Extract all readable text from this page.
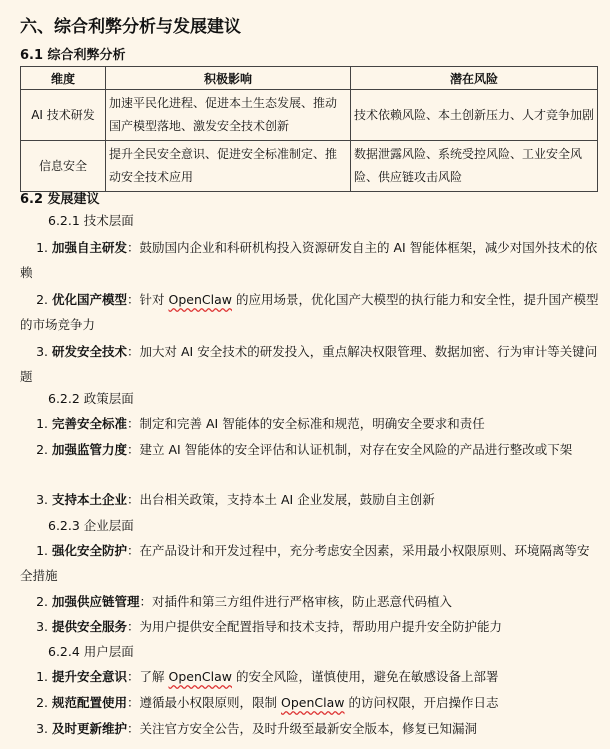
六、综合利弊分析与发展建议
6.1 综合利弊分析
维度	积极影响	潜在风险
AI 技术研发	加速平民化进程、促进本土生态发展、推动国产模型落地、激发安全技术创新	技术依赖风险、本土创新压力、人才竞争加剧
信息安全	提升全民安全意识、促进安全标准制定、推动安全技术应用	数据泄露风险、系统受控风险、工业安全风险、供应链攻击风险
6.2 发展建议
6.2.1 技术层面
1. 加强自主研发：鼓励国内企业和科研机构投入资源研发自主的 AI 智能体框架，减少对国外技术的依赖
2. 优化国产模型：针对 OpenClaw 的应用场景，优化国产大模型的执行能力和安全性，提升国产模型的市场竞争力
3. 研发安全技术：加大对 AI 安全技术的研发投入，重点解决权限管理、数据加密、行为审计等关键问题
6.2.2 政策层面
1. 完善安全标准：制定和完善 AI 智能体的安全标准和规范，明确安全要求和责任
2. 加强监管力度：建立 AI 智能体的安全评估和认证机制，对存在安全风险的产品进行整改或下架
3. 支持本土企业：出台相关政策，支持本土 AI 企业发展，鼓励自主创新
6.2.3 企业层面
1. 强化安全防护：在产品设计和开发过程中，充分考虑安全因素，采用最小权限原则、环境隔离等安全措施
2. 加强供应链管理：对插件和第三方组件进行严格审核，防止恶意代码植入
3. 提供安全服务：为用户提供安全配置指导和技术支持，帮助用户提升安全防护能力
6.2.4 用户层面
1. 提升安全意识：了解 OpenClaw 的安全风险，谨慎使用，避免在敏感设备上部署
2. 规范配置使用：遵循最小权限原则，限制 OpenClaw 的访问权限，开启操作日志
3. 及时更新维护：关注官方安全公告，及时升级至最新安全版本，修复已知漏洞
